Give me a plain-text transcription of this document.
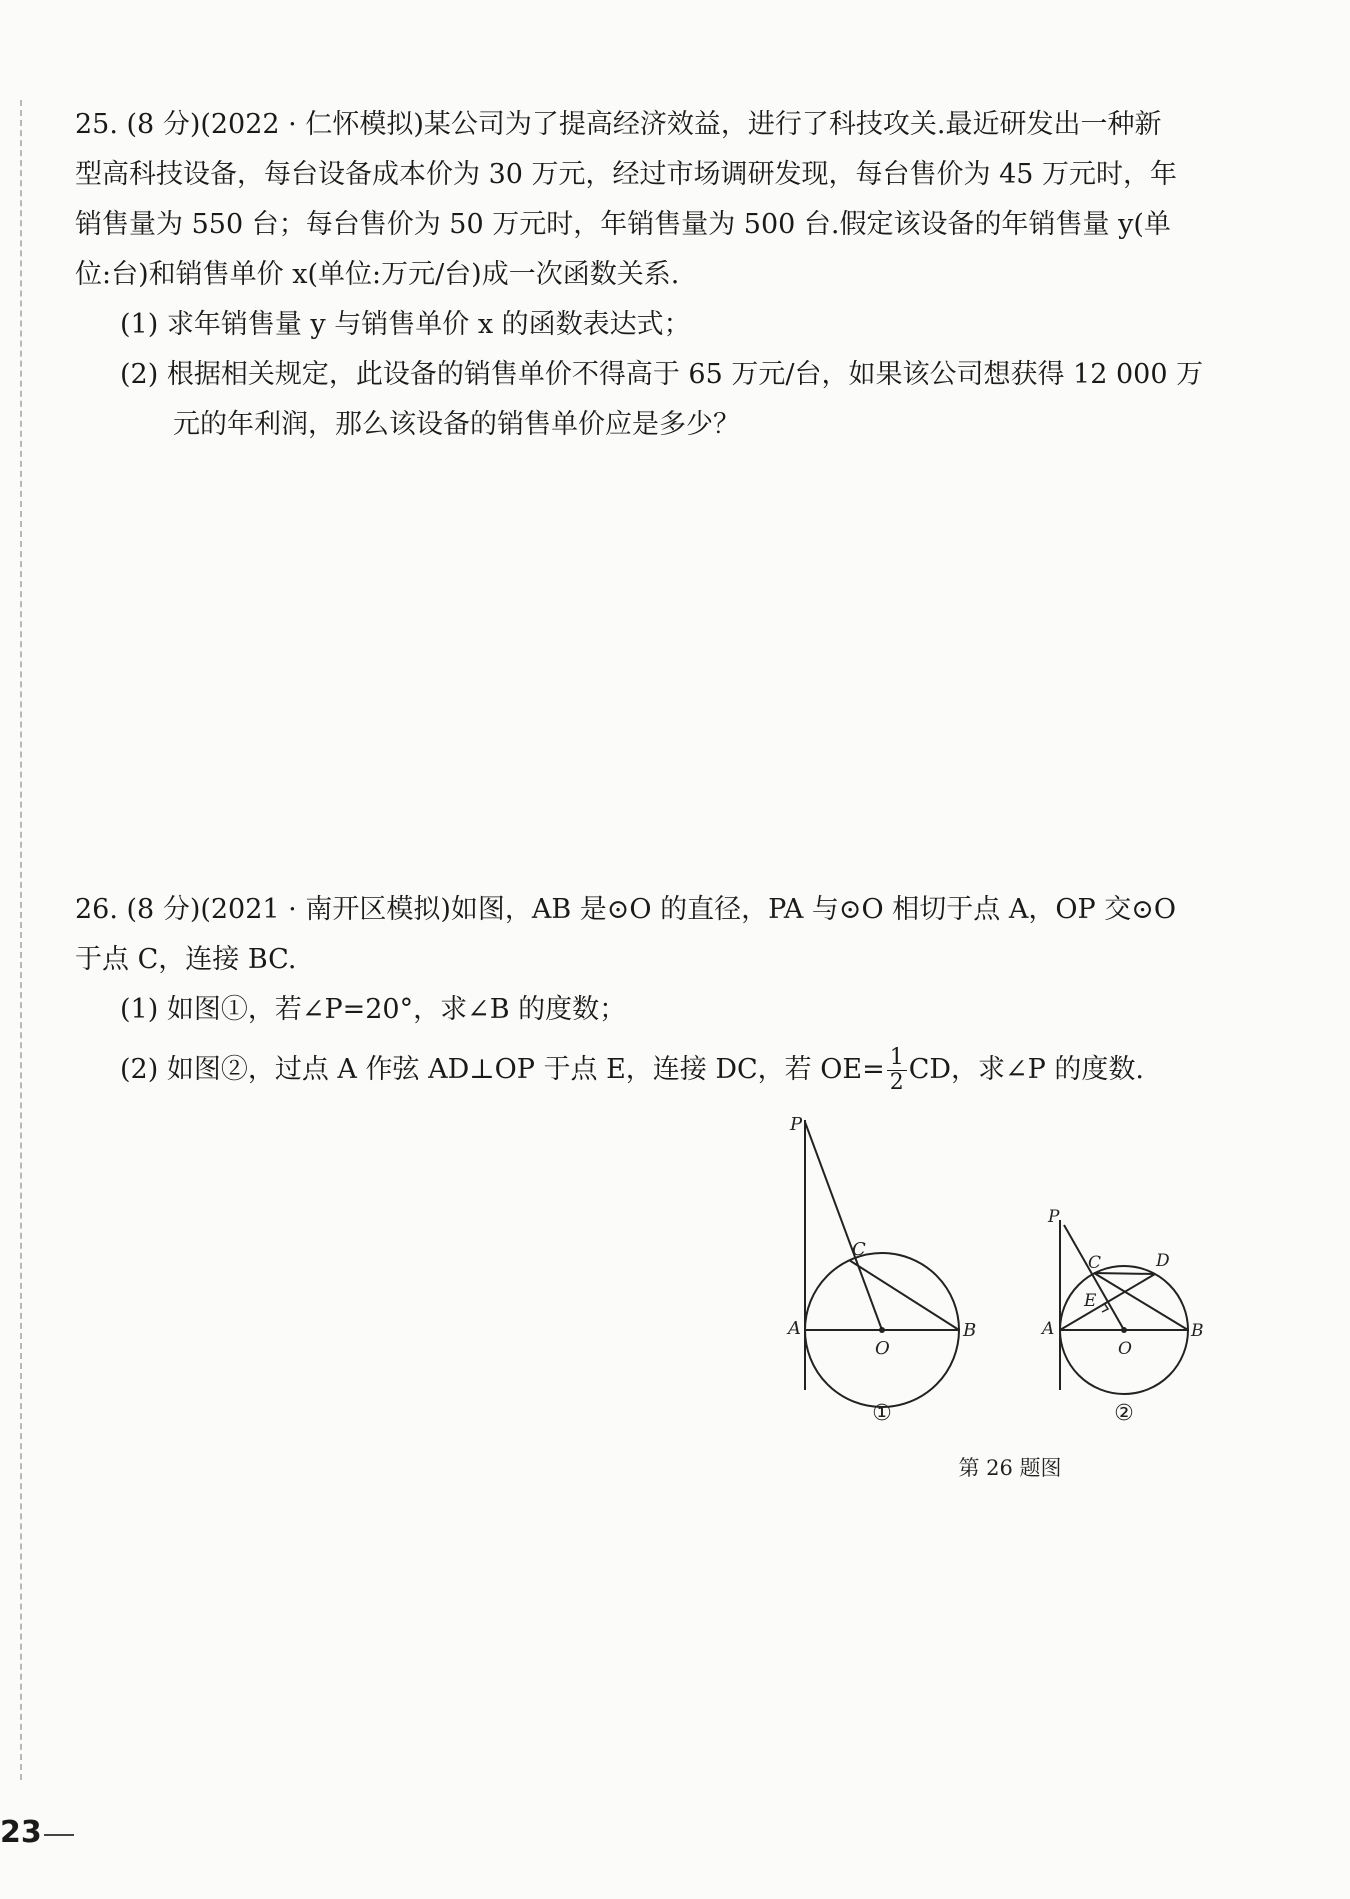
25. (8 分)(2022 · 仁怀模拟)某公司为了提高经济效益，进行了科技攻关.最近研发出一种新
型高科技设备，每台设备成本价为 30 万元，经过市场调研发现，每台售价为 45 万元时，年
销售量为 550 台；每台售价为 50 万元时，年销售量为 500 台.假定该设备的年销售量 y(单
位:台)和销售单价 x(单位:万元/台)成一次函数关系.
(1) 求年销售量 y 与销售单价 x 的函数表达式；
(2) 根据相关规定，此设备的销售单价不得高于 65 万元/台，如果该公司想获得 12 000 万
元的年利润，那么该设备的销售单价应是多少？
26. (8 分)(2021 · 南开区模拟)如图，AB 是⊙O 的直径，PA 与⊙O 相切于点 A，OP 交⊙O
于点 C，连接 BC.
(1) 如图①，若∠P=20°，求∠B 的度数；
(2) 如图②，过点 A 作弦 AD⊥OP 于点 E，连接 DC，若 $OE= \frac{1}{2}$ CD，求∠P 的度数.
P
C
A
O
B
①
P
C	D
E
A
O
B
②
第 26 题图
23
